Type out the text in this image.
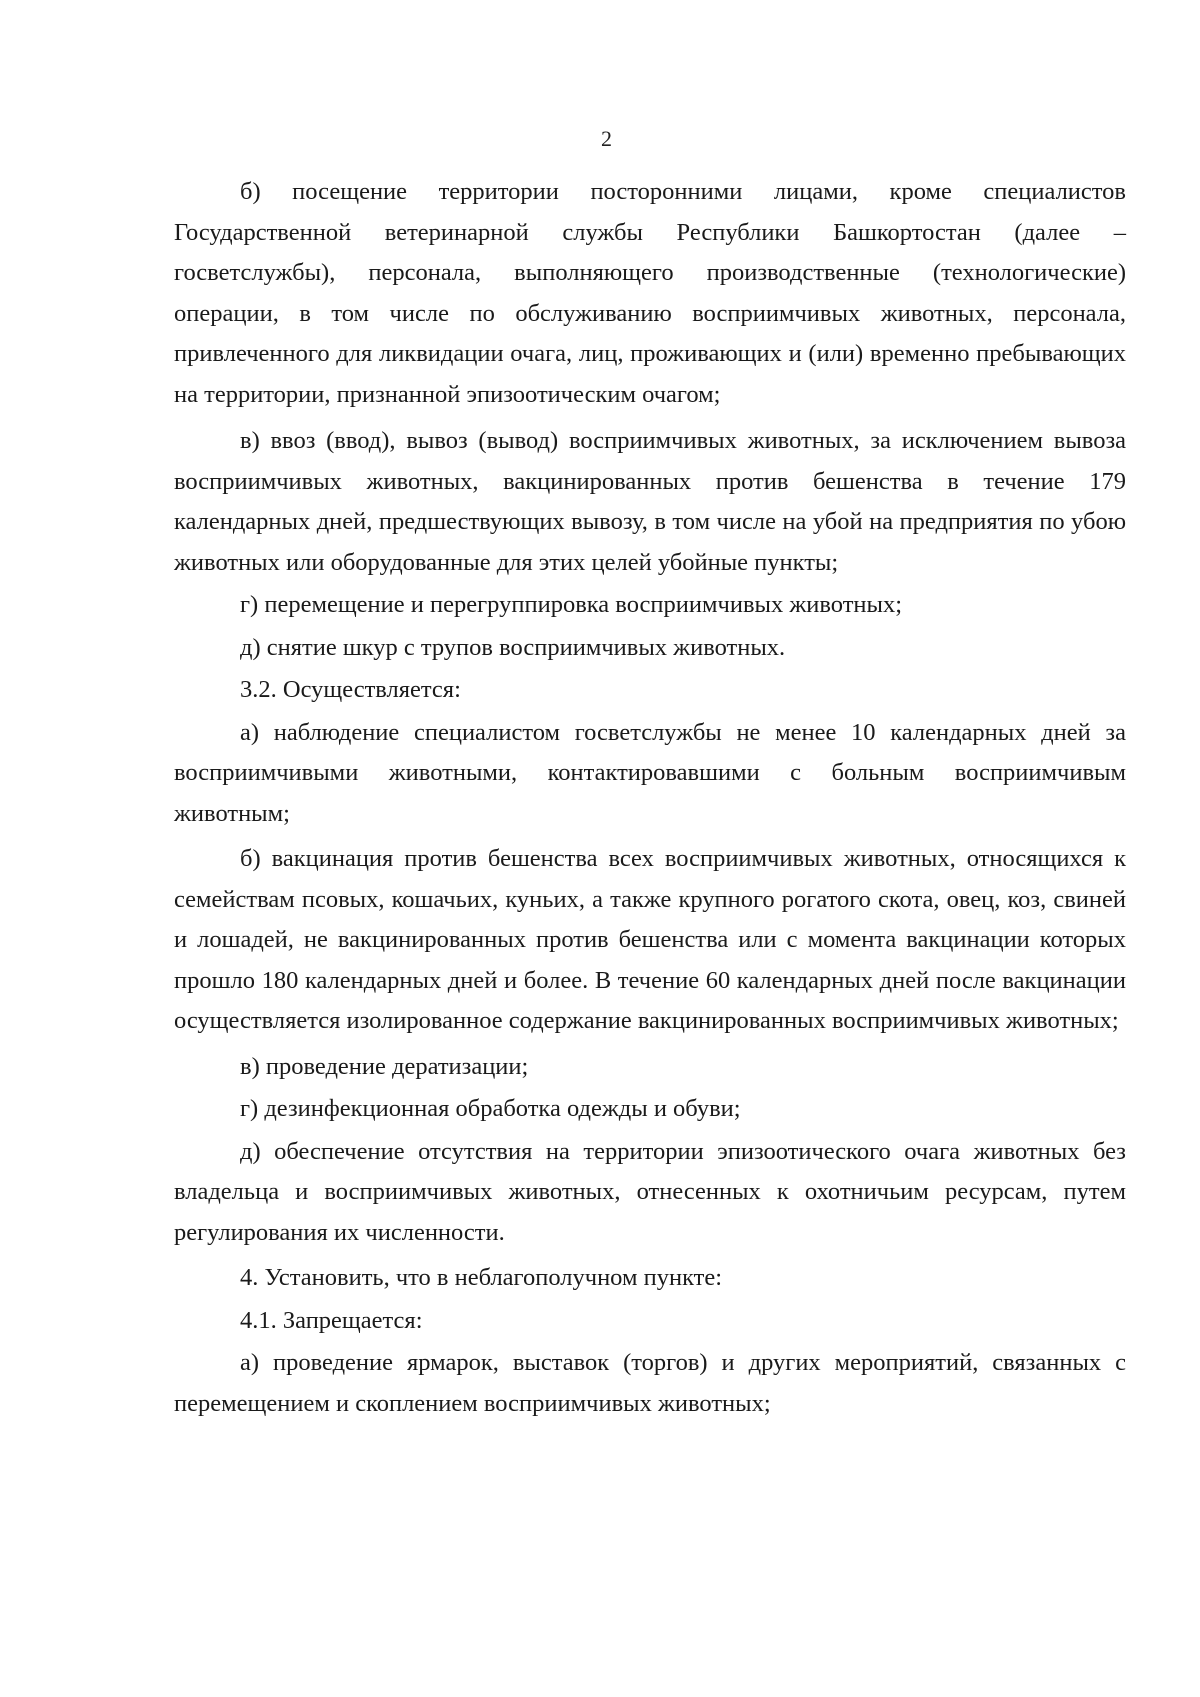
2

б) посещение территории посторонними лицами, кроме специалистов Государственной ветеринарной службы Республики Башкортостан (далее – госветслужбы), персонала, выполняющего производственные (технологические) операции, в том числе по обслуживанию восприимчивых животных, персонала, привлеченного для ликвидации очага, лиц, проживающих и (или) временно пребывающих на территории, признанной эпизоотическим очагом;

в) ввоз (ввод), вывоз (вывод) восприимчивых животных, за исключением вывоза восприимчивых животных, вакцинированных против бешенства в течение 179 календарных дней, предшествующих вывозу, в том числе на убой на предприятия по убою животных или оборудованные для этих целей убойные пункты;

г) перемещение и перегруппировка восприимчивых животных;

д) снятие шкур с трупов восприимчивых животных.

3.2. Осуществляется:

а) наблюдение специалистом госветслужбы не менее 10 календарных дней за восприимчивыми животными, контактировавшими с больным восприимчивым животным;

б) вакцинация против бешенства всех восприимчивых животных, относящихся к семействам псовых, кошачьих, куньих, а также крупного рогатого скота, овец, коз, свиней и лошадей, не вакцинированных против бешенства или с момента вакцинации которых прошло 180 календарных дней и более. В течение 60 календарных дней после вакцинации осуществляется изолированное содержание вакцинированных восприимчивых животных;

в) проведение дератизации;

г) дезинфекционная обработка одежды и обуви;

д) обеспечение отсутствия на территории эпизоотического очага животных без владельца и восприимчивых животных, отнесенных к охотничьим ресурсам, путем регулирования их численности.

4. Установить, что в неблагополучном пункте:

4.1. Запрещается:

а) проведение ярмарок, выставок (торгов) и других мероприятий, связанных с перемещением и скоплением восприимчивых животных;
